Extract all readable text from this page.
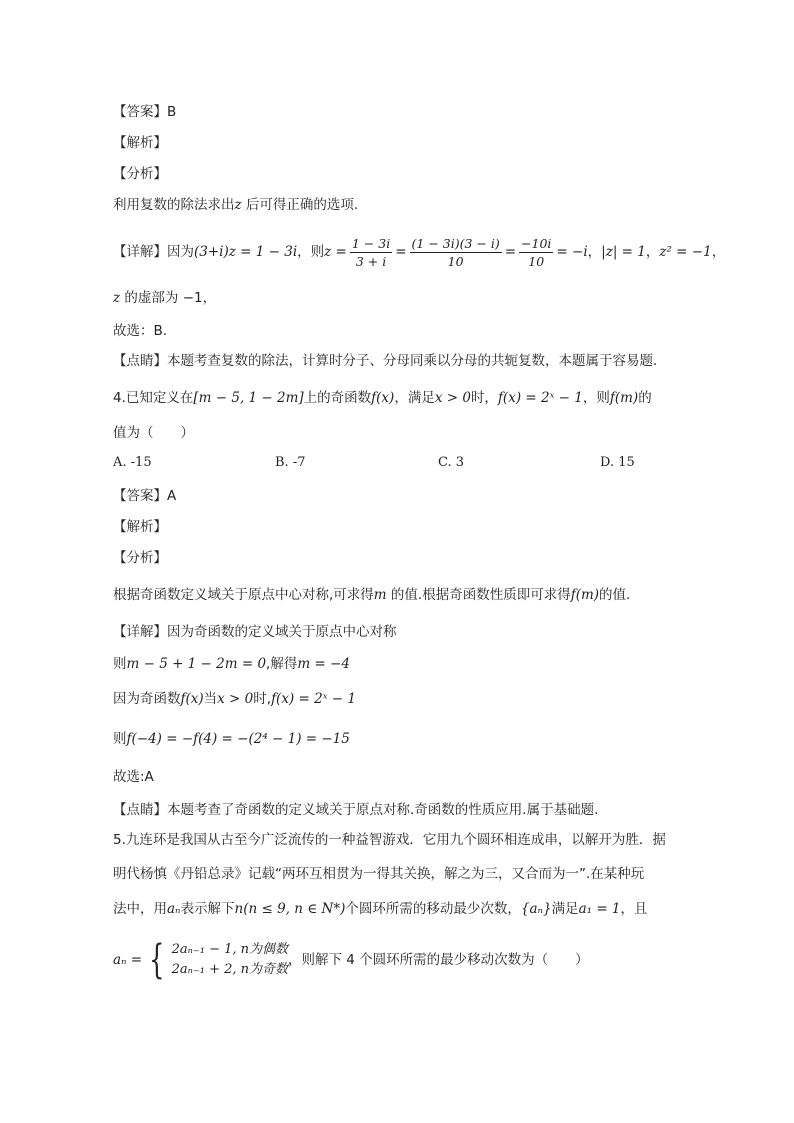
【答案】B
【解析】
【分析】
利用复数的除法求出z 后可得正确的选项.
【详解】因为(3+i)z = 1 − 3i，则$z = \frac{1 - 3i}{3 + i} = \frac{(1 - 3i)(3 - i)}{10} = \frac{-10i}{10} = -i$，|z| = 1，z² = −1，
z 的虚部为 −1，
故选：B.
【点睛】本题考查复数的除法，计算时分子、分母同乘以分母的共轭复数，本题属于容易题.
4.已知定义在[m − 5, 1 − 2m]上的奇函数f(x)，满足x > 0时，f(x) = 2ˣ − 1，则f(m)的
值为（　　）
A. -15	B. -7	C. 3	D. 15
【答案】A
【解析】
【分析】
根据奇函数定义域关于原点中心对称,可求得m 的值.根据奇函数性质即可求得f(m)的值.
【详解】因为奇函数的定义域关于原点中心对称
则m − 5 + 1 − 2m = 0,解得m = −4
因为奇函数f(x)当x > 0时,f(x) = 2ˣ − 1
则f(−4) = −f(4) = −(2⁴ − 1) = −15
故选:A
【点睛】本题考查了奇函数的定义域关于原点对称.奇函数的性质应用.属于基础题.
5.九连环是我国从古至今广泛流传的一种益智游戏．它用九个圆环相连成串，以解开为胜．据
明代杨慎《丹铅总录》记载“两环互相贯为一得其关换，解之为三，又合而为一”.在某种玩
法中，用aₙ表示解下n(n ≤ 9, n ∈ N*)个圆环所需的移动最少次数，{aₙ}满足a₁ = 1，且
aₙ = { 2aₙ₋₁ − 1, n为偶数
2aₙ₋₁ + 2, n为奇数
，则解下 4 个圆环所需的最少移动次数为（　　）
